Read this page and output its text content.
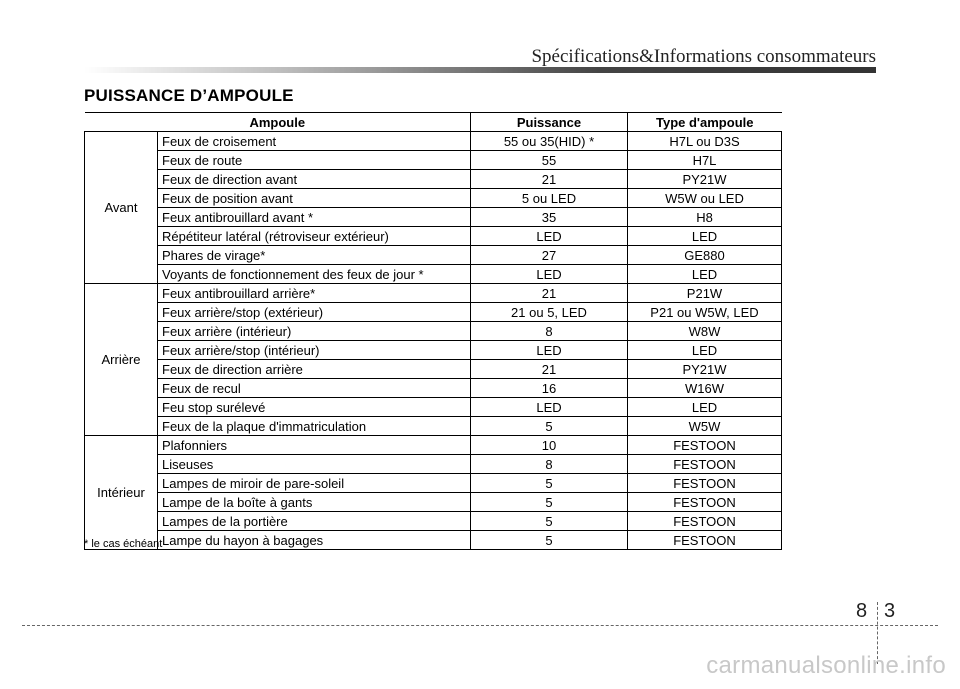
Spécifications&Informations consommateurs
PUISSANCE D’AMPOULE
Ampoule		Puissance	Type d'ampoule
Avant	Feux de croisement	55 ou 35(HID) *	H7L ou D3S
	Feux de route	55	H7L
	Feux de direction avant	21	PY21W
	Feux de position avant	5 ou LED	W5W ou LED
	Feux antibrouillard avant *	35	H8
	Répétiteur latéral (rétroviseur extérieur)	LED	LED
	Phares de virage*	27	GE880
	Voyants de fonctionnement des feux de jour *	LED	LED
Arrière	Feux antibrouillard arrière*	21	P21W
	Feux arrière/stop (extérieur)	21 ou 5, LED	P21 ou W5W, LED
	Feux arrière (intérieur)	8	W8W
	Feux arrière/stop (intérieur)	LED	LED
	Feux de direction arrière	21	PY21W
	Feux de recul	16	W16W
	Feu stop surélevé	LED	LED
	Feux de la plaque d'immatriculation	5	W5W
Intérieur	Plafonniers	10	FESTOON
	Liseuses	8	FESTOON
	Lampes de miroir de pare-soleil	5	FESTOON
	Lampe de la boîte à gants	5	FESTOON
	Lampes de la portière	5	FESTOON
	Lampe du hayon à bagages	5	FESTOON
* le cas échéant
8 3
carmanualsonline.info
